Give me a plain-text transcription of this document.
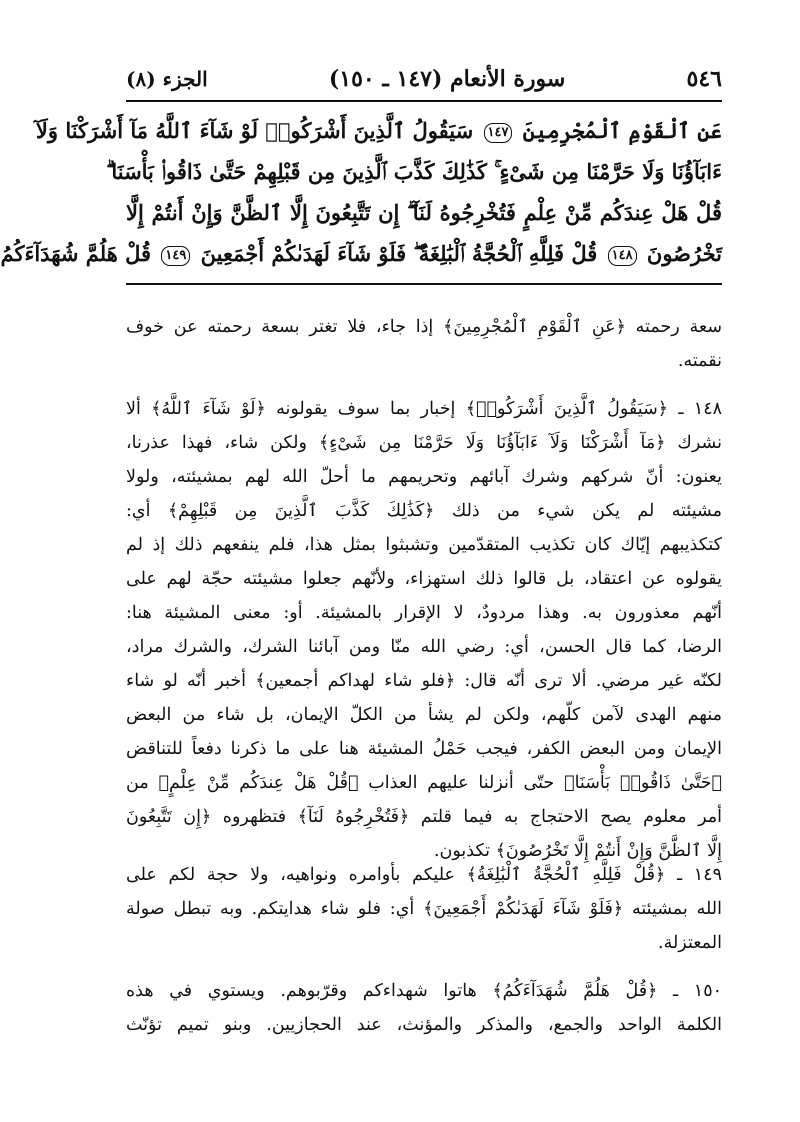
٥٤٦
سورة الأنعام (١٤٧ ـ ١٥٠)
الجزء (٨)
عَنِ ٱلْقَوْمِ ٱلْمُجْرِمِينَ ١٤٧ سَيَقُولُ ٱلَّذِينَ أَشْرَكُوا۟ لَوْ شَآءَ ٱللَّهُ مَآ أَشْرَكْنَا وَلَآ
ءَابَآؤُنَا وَلَا حَرَّمْنَا مِن شَىْءٍ ۚ كَذَٰلِكَ كَذَّبَ ٱلَّذِينَ مِن قَبْلِهِمْ حَتَّىٰ ذَاقُوا۟ بَأْسَنَا ۗ
قُلْ هَلْ عِندَكُم مِّنْ عِلْمٍ فَتُخْرِجُوهُ لَنَآ ۖ إِن تَتَّبِعُونَ إِلَّا ٱلظَّنَّ وَإِنْ أَنتُمْ إِلَّا
تَخْرُصُونَ ١٤٨ قُلْ فَلِلَّهِ ٱلْحُجَّةُ ٱلْبَٰلِغَةُ ۖ فَلَوْ شَآءَ لَهَدَىٰكُمْ أَجْمَعِينَ ١٤٩ قُلْ هَلُمَّ شُهَدَآءَكُمُ
سعة رحمته ﴿عَنِ ٱلْقَوْمِ ٱلْمُجْرِمِينَ﴾ إذا جاء، فلا تغتر بسعة رحمته عن خوف
نقمته.
١٤٨ ـ ﴿سَيَقُولُ ٱلَّذِينَ أَشْرَكُوا۟﴾ إخبار بما سوف يقولونه ﴿لَوْ شَآءَ ٱللَّهُ﴾ ألا
نشرك ﴿مَآ أَشْرَكْنَا وَلَآ ءَابَآؤُنَا وَلَا حَرَّمْنَا مِن شَىْءٍ﴾ ولكن شاء، فهذا عذرنا،
يعنون: أنّ شركهم وشرك آبائهم وتحريمهم ما أحلّ الله لهم بمشيئته، ولولا
مشيئته لم يكن شيء من ذلك ﴿كَذَٰلِكَ كَذَّبَ ٱلَّذِينَ مِن قَبْلِهِمْ﴾ أي:
كتكذيبهم إيّاك كان تكذيب المتقدّمين وتشبثوا بمثل هذا، فلم ينفعهم ذلك إذ لم
يقولوه عن اعتقاد، بل قالوا ذلك استهزاء، ولأنّهم جعلوا مشيئته حجّة لهم على
أنّهم معذورون به. وهذا مردودٌ، لا الإقرار بالمشيئة. أو: معنى المشيئة هنا:
الرضا، كما قال الحسن، أي: رضي الله منّا ومن آبائنا الشرك، والشرك مراد،
لكنّه غير مرضي. ألا ترى أنّه قال: ﴿فلو شاء لهداكم أجمعين﴾ أخبر أنّه لو شاء
منهم الهدى لآمن كلّهم، ولكن لم يشأ من الكلّ الإيمان، بل شاء من البعض
الإيمان ومن البعض الكفر، فيجب حَمْلُ المشيئة هنا على ما ذكرنا دفعاً للتناقض
﴿حَتَّىٰ ذَاقُوا۟ بَأْسَنَا﴾ حتّى أنزلنا عليهم العذاب ﴿قُلْ هَلْ عِندَكُم مِّنْ عِلْمٍ﴾ من
أمر معلوم يصح الاحتجاج به فيما قلتم ﴿فَتُخْرِجُوهُ لَنَآ﴾ فتظهروه ﴿إِن تَتَّبِعُونَ
إِلَّا ٱلظَّنَّ وَإِنْ أَنتُمْ إِلَّا تَخْرُصُونَ﴾ تكذبون.
١٤٩ ـ ﴿قُلْ فَلِلَّهِ ٱلْحُجَّةُ ٱلْبَٰلِغَةُ﴾ عليكم بأوامره ونواهيه، ولا حجة لكم على
الله بمشيئته ﴿فَلَوْ شَآءَ لَهَدَىٰكُمْ أَجْمَعِينَ﴾ أي: فلو شاء هدايتكم. وبه تبطل صولة
المعتزلة.
١٥٠ ـ ﴿قُلْ هَلُمَّ شُهَدَآءَكُمُ﴾ هاتوا شهداءكم وقرّبوهم. ويستوي في هذه
الكلمة الواحد والجمع، والمذكر والمؤنث، عند الحجازيين. وبنو تميم تؤنّث
